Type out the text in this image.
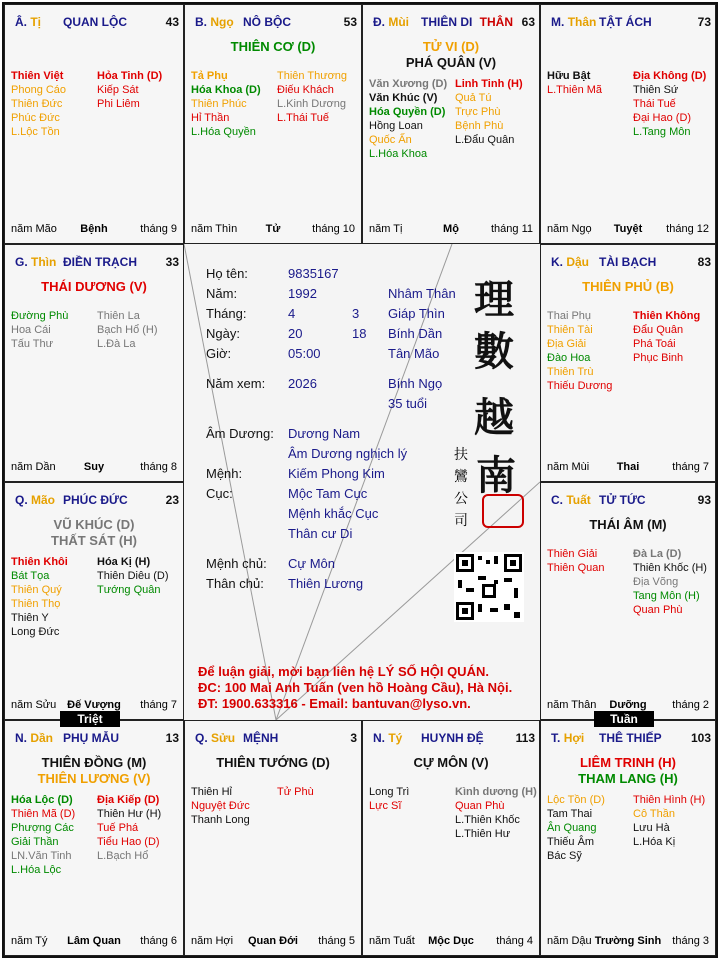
Â. Tị QUAN LỘC	43
Thiên Việt
Phong Cáo
Thiên Đức
Phúc Đức
L.Lộc Tồn
Hỏa Tinh (D)
Kiếp Sát
Phi Liêm
năm Mão	Bệnh	tháng 9
B. Ngọ NÔ BỘC	53
THIÊN CƠ (D)
Tả Phụ
Hóa Khoa (D)
Thiên Phúc
Hỉ Thần
L.Hóa Quyền
Thiên Thương
Điếu Khách
L.Kinh Dương
L.Thái Tuế
năm Thìn	Tử	tháng 10
Đ. Mùi THIÊN DI THÂN 63
TỬ VI (D)
PHÁ QUÂN (V)
Văn Xương (D)
Văn Khúc (V)
Hóa Quyền (D)
Hồng Loan
Quốc Ấn
L.Hóa Khoa
Linh Tinh (H)
Quả Tú
Trực Phù
Bệnh Phù
L.Đẩu Quân
năm Tị	Mộ	tháng 11
M. Thân TẬT ÁCH	73
Hữu Bật
L.Thiên Mã
Địa Không (D)
Thiên Sứ
Thái Tuế
Đại Hao (D)
L.Tang Môn
năm Ngọ	Tuyệt	tháng 12
G. Thìn ĐIỀN TRẠCH 33
THÁI DƯƠNG (V)
Đường Phù
Hoa Cái
Tấu Thư
Thiên La
Bạch Hổ (H)
L.Đà La
năm Dần	Suy	tháng 8
K. Dậu TÀI BẠCH	83
THIÊN PHỦ (B)
Thai Phụ
Thiên Tài
Địa Giải
Đào Hoa
Thiên Trù
Thiếu Dương
Thiên Không
Đẩu Quân
Phá Toái
Phục Binh
năm Mùi	Thai	tháng 7
Q. Mão PHÚC ĐỨC	23
VŨ KHÚC (D)
THẤT SÁT (H)
Thiên Khôi
Bát Tọa
Thiên Quý
Thiên Thọ
Thiên Y
Long Đức
Hóa Kị (H)
Thiên Diêu (D)
Tướng Quân
năm Sửu Đế Vượng	tháng 7
C. Tuất TỬ TỨC	93
THÁI ÂM (M)
Thiên Giải
Thiên Quan
Đà La (D)
Thiên Khốc (H)
Địa Võng
Tang Môn (H)
Quan Phù
năm Thân	Dưỡng	tháng 2
N. Dần PHỤ MẪU	13
THIÊN ĐỒNG (M)
THIÊN LƯƠNG (V)
Hóa Lộc (D)
Thiên Mã (D)
Phượng Các
Giải Thần
LN.Văn Tinh
L.Hóa Lộc
Địa Kiếp (D)
Thiên Hư (H)
Tuế Phá
Tiểu Hao (D)
L.Bạch Hổ
năm Tý	Lâm Quan	tháng 6
Q. Sửu MỆNH	3
THIÊN TƯỚNG (D)
Thiên Hỉ
Nguyệt Đức
Thanh Long
Tử Phù
năm Hợi	Quan Đới	tháng 5
N. Tý HUYNH ĐỆ	113
CỰ MÔN (V)
Long Trì
Lực Sĩ
Kình dương (H)
Quan Phù
L.Thiên Khốc
L.Thiên Hư
năm Tuất	Mộc Dục	tháng 4
T. Hợi THÊ THIẾP 103
LIÊM TRINH (H)
THAM LANG (H)
Lộc Tồn (D)
Tam Thai
Ân Quang
Thiếu Âm
Bác Sỹ
Thiên Hình (H)
Cô Thần
Lưu Hà
L.Hóa Kị
năm Dậu Trường Sinh	tháng 3
Họ tên:	9835167
Năm:	1992	Nhâm Thân
Tháng:	4	3 Giáp Thìn
Ngày:	20	18 Bính Dần
Giờ:	05:00	Tân Mão
Năm xem: 2026	Bính Ngọ
35 tuổi
Âm Dương: Dương Nam
Âm Dương nghịch lý
Mệnh:	Kiếm Phong Kim
Cục:	Mộc Tam Cục
Mệnh khắc Cục
Thân cư Di
Mệnh chủ: Cự Môn
Thân chủ: Thiên Lương
理
數
越
南
扶
鸞
公
司
Để luận giải, mời bạn liên hệ LÝ SỐ HỘI QUÁN.
ĐC: 100 Mai Anh Tuấn (ven hồ Hoàng Cầu), Hà Nội.
ĐT: 1900.633316 - Email: bantuvan@lyso.vn.
Triệt	Tuần
